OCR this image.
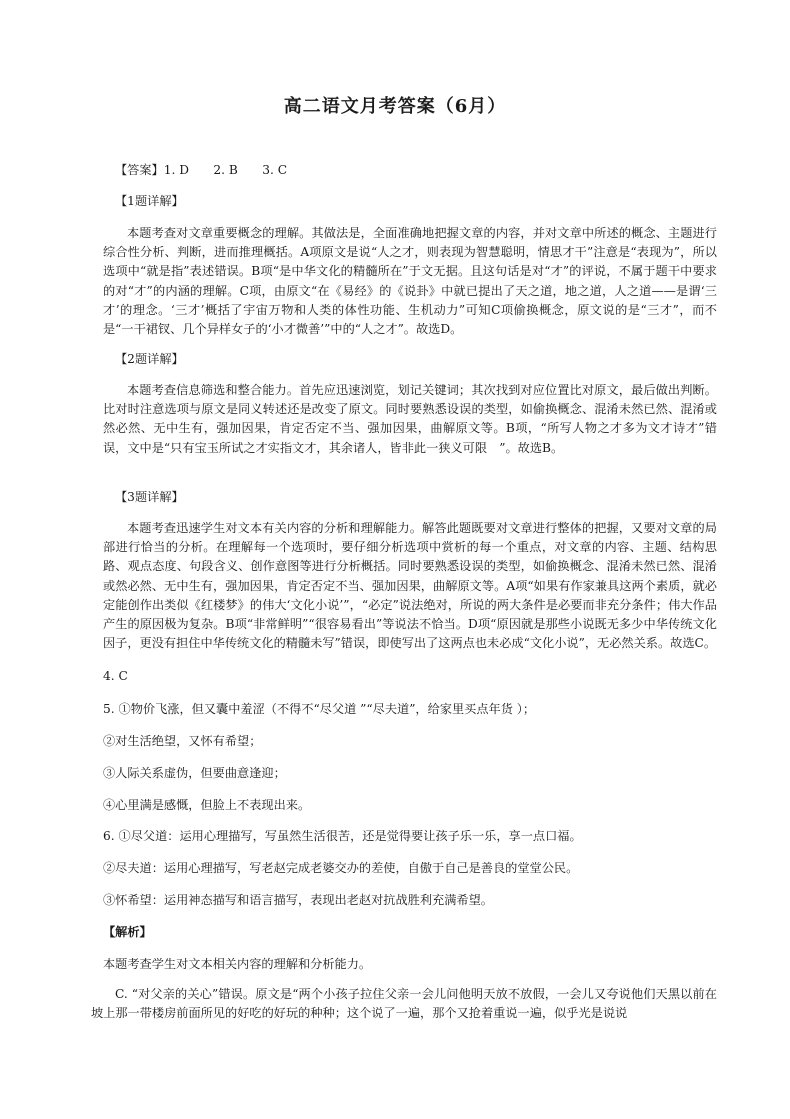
高二语文月考答案（6月）
【答案】1. D　　2. B　　3. C
【1题详解】
本题考查对文章重要概念的理解。其做法是，全面准确地把握文章的内容，并对文章中所述的概念、主题进行综合性分析、判断，进而推理概括。A项原文是说“人之才，则表现为智慧聪明，情思才干”注意是“表现为”，所以选项中“就是指”表述错误。B项“是中华文化的精髓所在”于文无据。且这句话是对“才”的评说，不属于题干中要求的对“才”的内涵的理解。C项，由原文“在《易经》的《说卦》中就已提出了天之道，地之道，人之道——是谓‘三才’的理念。‘三才’概括了宇宙万物和人类的体性功能、生机动力”可知C项偷换概念，原文说的是“三才”，而不是“一干裙钗、几个异样女子的‘小才微善’”中的“人之才”。故选D。
【2题详解】
本题考查信息筛选和整合能力。首先应迅速浏览，划记关键词；其次找到对应位置比对原文，最后做出判断。比对时注意选项与原文是同义转述还是改变了原文。同时要熟悉设误的类型，如偷换概念、混淆未然已然、混淆或然必然、无中生有，强加因果，肯定否定不当、强加因果，曲解原文等。B项，“所写人物之才多为文才诗才”错误，文中是“只有宝玉所试之才实指文才，其余诸人，皆非此一狭义可限　”。故选B。
【3题详解】
本题考查迅速学生对文本有关内容的分析和理解能力。解答此题既要对文章进行整体的把握，又要对文章的局部进行恰当的分析。在理解每一个选项时，要仔细分析选项中赏析的每一个重点，对文章的内容、主题、结构思路、观点态度、句段含义、创作意图等进行分析概括。同时要熟悉设误的类型，如偷换概念、混淆未然已然、混淆或然必然、无中生有，强加因果，肯定否定不当、强加因果，曲解原文等。A项“如果有作家兼具这两个素质，就必定能创作出类似《红楼梦》的伟大‘文化小说’”，“必定”说法绝对，所说的两大条件是必要而非充分条件；伟大作品产生的原因极为复杂。B项“非常鲜明”“很容易看出”等说法不恰当。D项“原因就是那些小说既无多少中华传统文化因子，更没有担住中华传统文化的精髓未写”错误，即使写出了这两点也未必成“文化小说”，无必然关系。故选C。
4. C
5. ①物价飞涨，但又囊中羞涩（不得不“尽父道 ”“尽夫道”，给家里买点年货 ）；
②对生活绝望，又怀有希望；
③人际关系虚伪，但要曲意逢迎；
④心里满是感慨，但脸上不表现出来。
6. ①尽父道：运用心理描写，写虽然生活很苦，还是觉得要让孩子乐一乐，享一点口福。
②尽夫道：运用心理描写，写老赵完成老婆交办的差使，自傲于自己是善良的堂堂公民。
③怀希望：运用神态描写和语言描写，表现出老赵对抗战胜利充满希望。
【解析】
本题考查学生对文本相关内容的理解和分析能力。
C. “对父亲的关心”错误。原文是“两个小孩子拉住父亲一会儿问他明天放不放假，一会儿又夸说他们天黑以前在坡上那一带楼房前面所见的好吃的好玩的种种；这个说了一遍，那个又抢着重说一遍，似乎光是说说
